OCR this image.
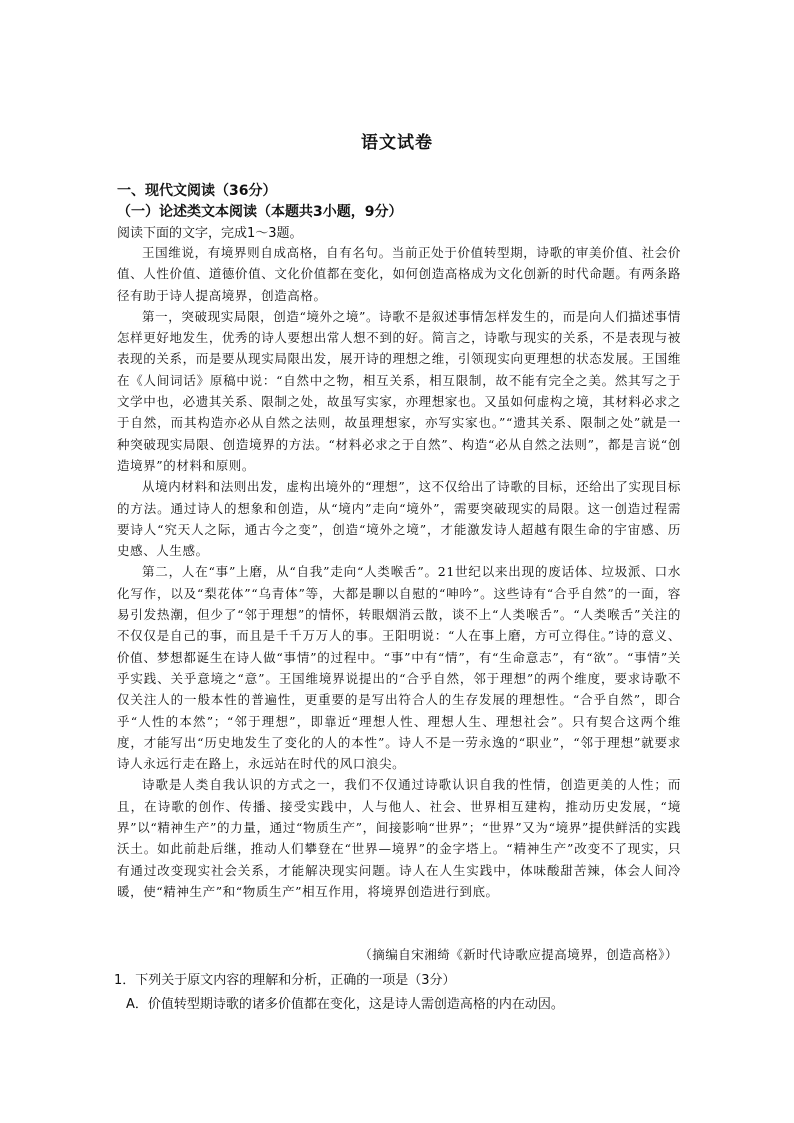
语文试卷
一、现代文阅读（36分）
（一）论述类文本阅读（本题共3小题，9分）
阅读下面的文字，完成1～3题。

王国维说，有境界则自成高格，自有名句。当前正处于价值转型期，诗歌的审美价值、社会价值、人性价值、道德价值、文化价值都在变化，如何创造高格成为文化创新的时代命题。有两条路径有助于诗人提高境界，创造高格。

第一，突破现实局限，创造“境外之境”。诗歌不是叙述事情怎样发生的，而是向人们描述事情怎样更好地发生，优秀的诗人要想出常人想不到的好。简言之，诗歌与现实的关系，不是表现与被表现的关系，而是要从现实局限出发，展开诗的理想之维，引领现实向更理想的状态发展。王国维在《人间词话》原稿中说：“自然中之物，相互关系，相互限制，故不能有完全之美。然其写之于文学中也，必遗其关系、限制之处，故虽写实家，亦理想家也。又虽如何虚构之境，其材料必求之于自然，而其构造亦必从自然之法则，故虽理想家，亦写实家也。”“遗其关系、限制之处”就是一种突破现实局限、创造境界的方法。“材料必求之于自然”、构造“必从自然之法则”，都是言说“创造境界”的材料和原则。

从境内材料和法则出发，虚构出境外的“理想”，这不仅给出了诗歌的目标，还给出了实现目标的方法。通过诗人的想象和创造，从“境内”走向“境外”，需要突破现实的局限。这一创造过程需要诗人“究天人之际，通古今之变”，创造“境外之境”，才能激发诗人超越有限生命的宇宙感、历史感、人生感。

第二，人在“事”上磨，从“自我”走向“人类喉舌”。21世纪以来出现的废话体、垃圾派、口水化写作，以及“梨花体”“乌青体”等，大都是聊以自慰的“呻吟”。这些诗有“合乎自然”的一面，容易引发热潮，但少了“邻于理想”的情怀，转眼烟消云散，谈不上“人类喉舌”。“人类喉舌”关注的不仅仅是自己的事，而且是千千万万人的事。王阳明说：“人在事上磨，方可立得住。”诗的意义、价值、梦想都诞生在诗人做“事情”的过程中。“事”中有“情”，有“生命意志”，有“欲”。“事情”关乎实践、关乎意境之“意”。王国维境界说提出的“合乎自然，邻于理想”的两个维度，要求诗歌不仅关注人的一般本性的普遍性，更重要的是写出符合人的生存发展的理想性。“合乎自然”，即合乎“人性的本然”；“邻于理想”，即靠近“理想人性、理想人生、理想社会”。只有契合这两个维度，才能写出“历史地发生了变化的人的本性”。诗人不是一劳永逸的“职业”，“邻于理想”就要求诗人永远行走在路上，永远站在时代的风口浪尖。

诗歌是人类自我认识的方式之一，我们不仅通过诗歌认识自我的性情，创造更美的人性；而且，在诗歌的创作、传播、接受实践中，人与他人、社会、世界相互建构，推动历史发展，“境界”以“精神生产”的力量，通过“物质生产”，间接影响“世界”；“世界”又为“境界”提供鲜活的实践沃土。如此前赴后继，推动人们攀登在“世界—境界”的金字塔上。“精神生产”改变不了现实，只有通过改变现实社会关系，才能解决现实问题。诗人在人生实践中，体味酸甜苦辣，体会人间冷暖，使“精神生产”和“物质生产”相互作用，将境界创造进行到底。

（摘编自宋湘绮《新时代诗歌应提高境界，创造高格》）
1．下列关于原文内容的理解和分析，正确的一项是（3分）
A．价值转型期诗歌的诸多价值都在变化，这是诗人需创造高格的内在动因。
